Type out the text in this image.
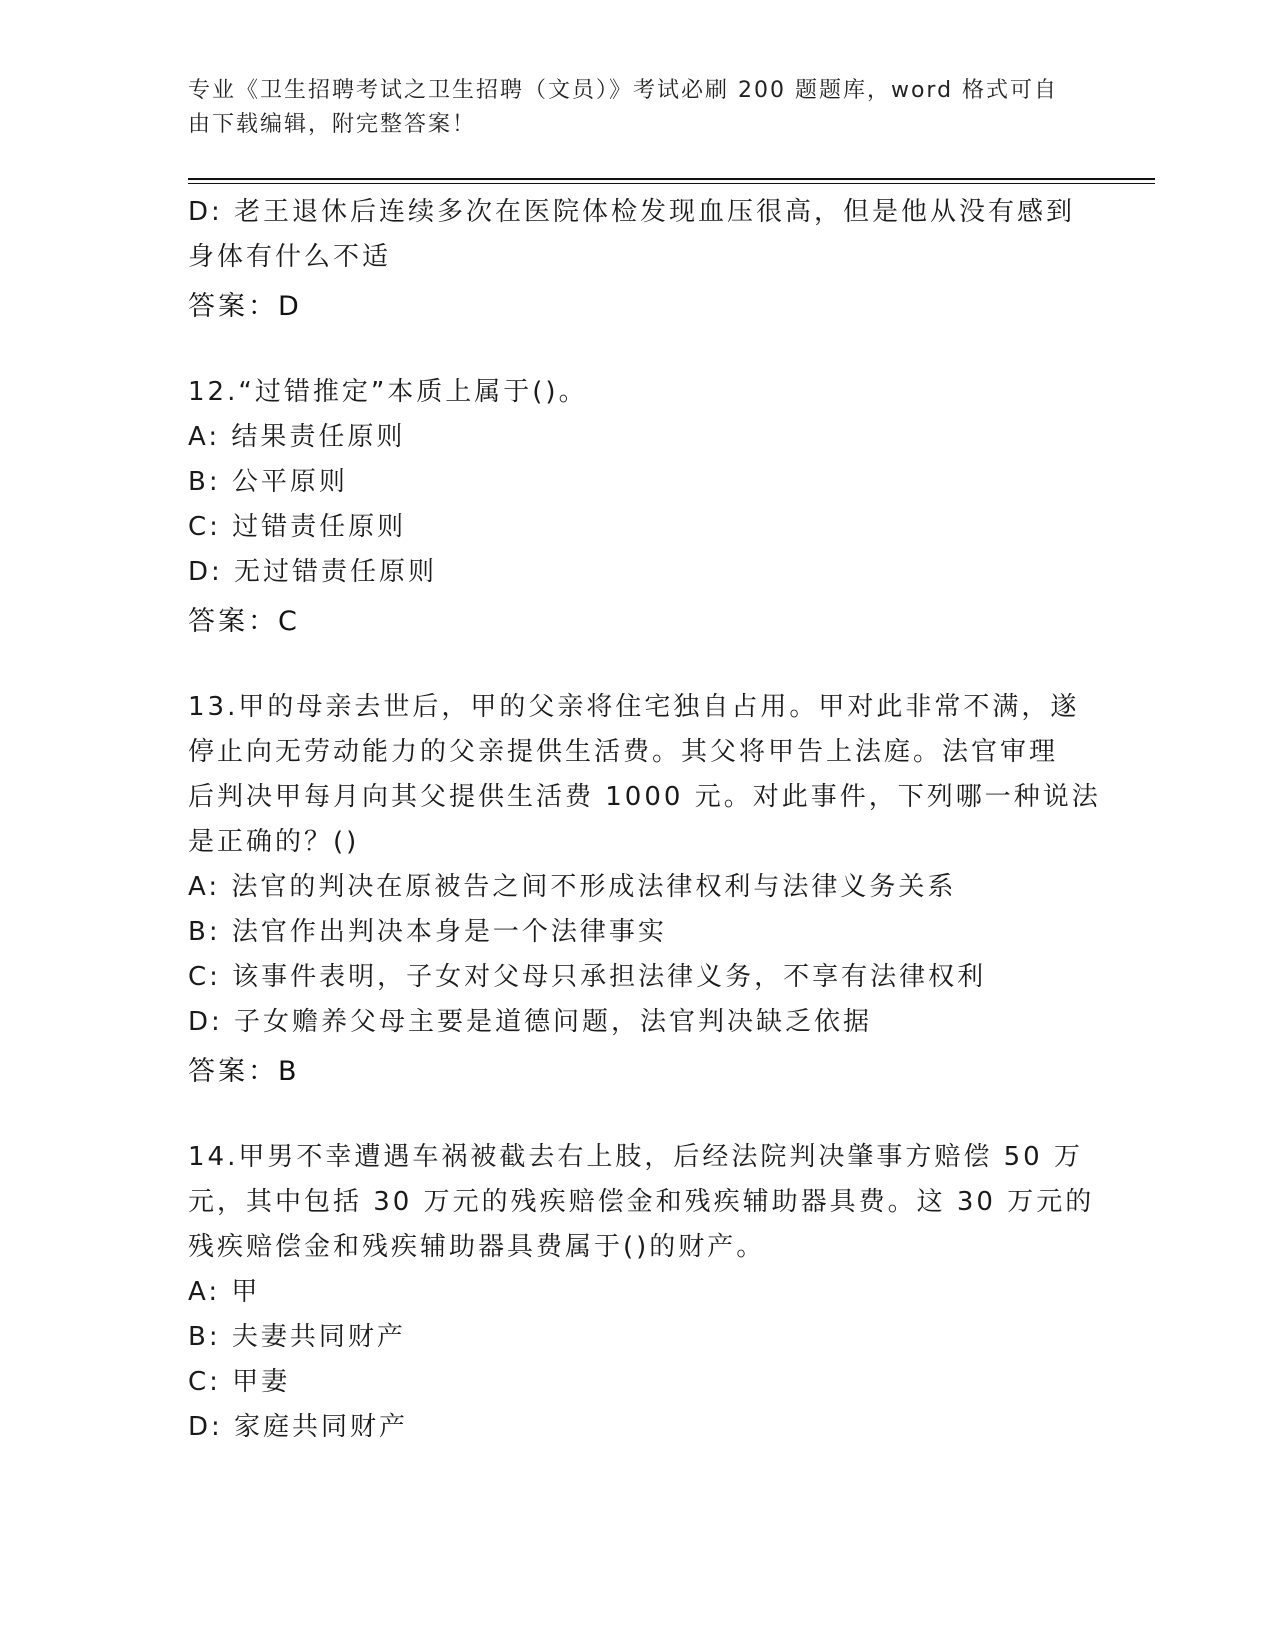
专业《卫生招聘考试之卫生招聘（文员）》考试必刷 200 题题库，word 格式可自
由下载编辑，附完整答案！
D: 老王退休后连续多次在医院体检发现血压很高，但是他从没有感到
身体有什么不适
答案：D
12.“过错推定”本质上属于()。
A: 结果责任原则
B: 公平原则
C: 过错责任原则
D: 无过错责任原则
答案：C
13.甲的母亲去世后，甲的父亲将住宅独自占用。甲对此非常不满，遂
停止向无劳动能力的父亲提供生活费。其父将甲告上法庭。法官审理
后判决甲每月向其父提供生活费 1000 元。对此事件，下列哪一种说法
是正确的？()
A: 法官的判决在原被告之间不形成法律权利与法律义务关系
B: 法官作出判决本身是一个法律事实
C: 该事件表明，子女对父母只承担法律义务，不享有法律权利
D: 子女赡养父母主要是道德问题，法官判决缺乏依据
答案：B
14.甲男不幸遭遇车祸被截去右上肢，后经法院判决肇事方赔偿 50 万
元，其中包括 30 万元的残疾赔偿金和残疾辅助器具费。这 30 万元的
残疾赔偿金和残疾辅助器具费属于()的财产。
A: 甲
B: 夫妻共同财产
C: 甲妻
D: 家庭共同财产
